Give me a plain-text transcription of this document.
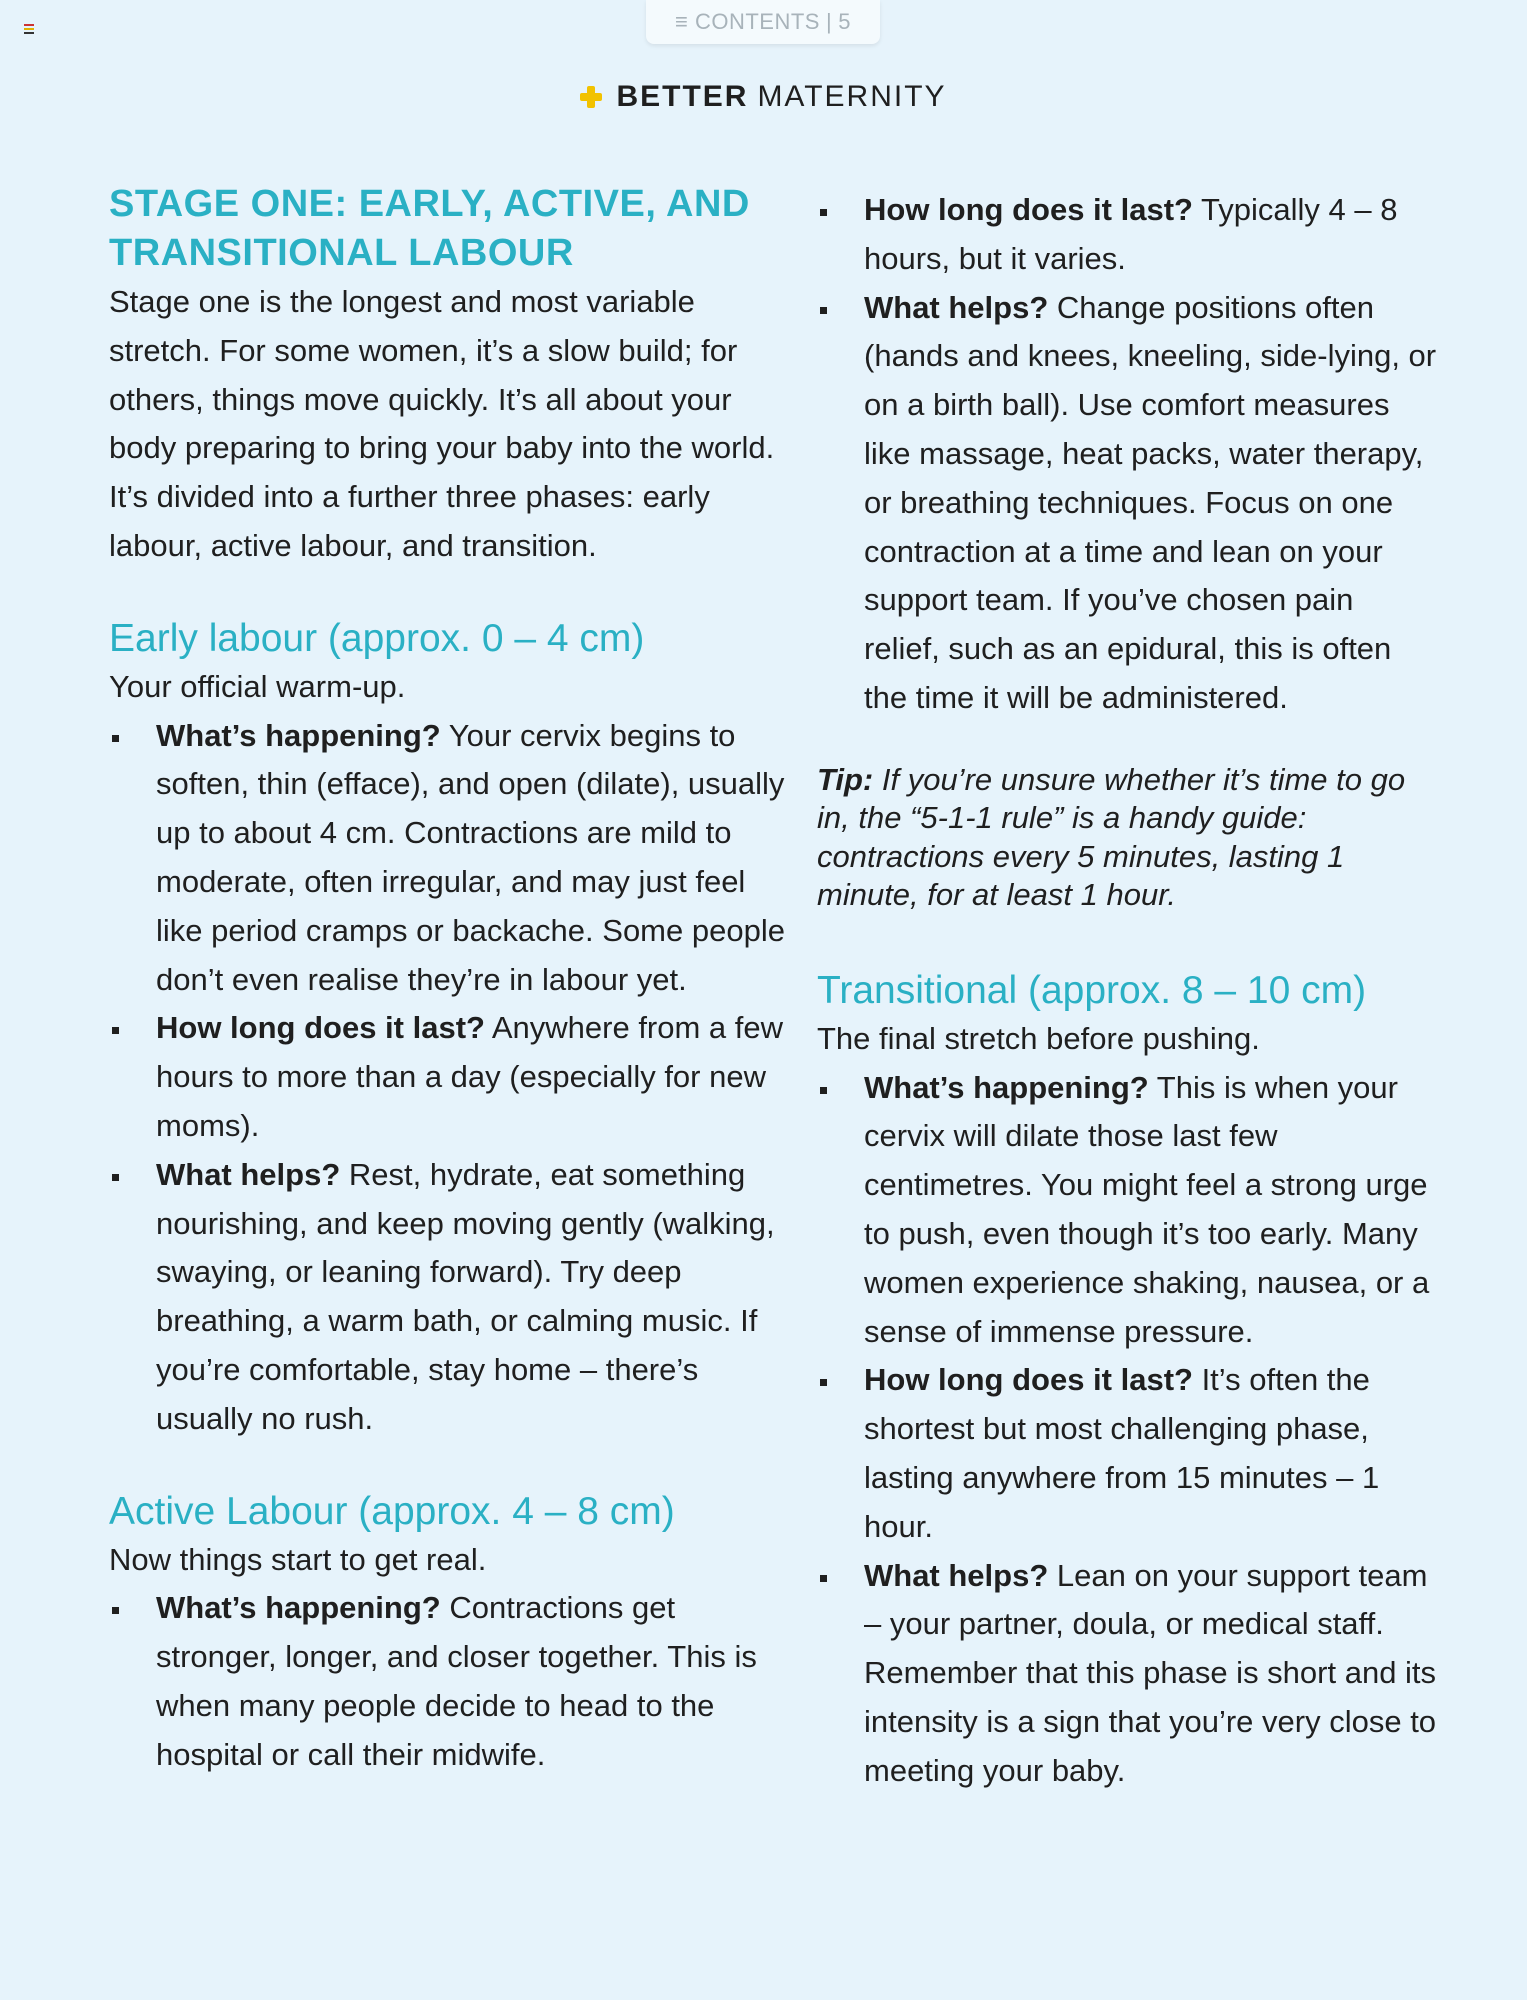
≡ CONTENTS | 5
BETTER MATERNITY
STAGE ONE: EARLY, ACTIVE, AND
TRANSITIONAL LABOUR

Stage one is the longest and most variable stretch. For some women, it’s a slow build; for others, things move quickly. It’s all about your body preparing to bring your baby into the world. It’s divided into a further three phases: early labour, active labour, and transition.

Early labour (approx. 0 – 4 cm)

Your official warm-up.

What’s happening? Your cervix begins to soften, thin (efface), and open (dilate), usually up to about 4 cm. Contractions are mild to moderate, often irregular, and may just feel like period cramps or backache. Some people don’t even realise they’re in labour yet.
How long does it last? Anywhere from a few hours to more than a day (especially for new moms).
What helps? Rest, hydrate, eat something nourishing, and keep moving gently (walking, swaying, or leaning forward). Try deep breathing, a warm bath, or calming music. If you’re comfortable, stay home – there’s usually no rush.
Active Labour (approx. 4 – 8 cm)

Now things start to get real.

What’s happening? Contractions get stronger, longer, and closer together. This is when many people decide to head to the hospital or call their midwife.
How long does it last? Typically 4 – 8 hours, but it varies.
What helps? Change positions often (hands and knees, kneeling, side-lying, or on a birth ball). Use comfort measures like massage, heat packs, water therapy, or breathing techniques. Focus on one contraction at a time and lean on your support team. If you’ve chosen pain relief, such as an epidural, this is often the time it will be administered.

Tip: If you’re unsure whether it’s time to go in, the “5-1-1 rule” is a handy guide: contractions every 5 minutes, lasting 1 minute, for at least 1 hour.

Transitional (approx. 8 – 10 cm)

The final stretch before pushing.

What’s happening? This is when your cervix will dilate those last few centimetres. You might feel a strong urge to push, even though it’s too early. Many women experience shaking, nausea, or a sense of immense pressure.
How long does it last? It’s often the shortest but most challenging phase, lasting anywhere from 15 minutes – 1 hour.
What helps? Lean on your support team – your partner, doula, or medical staff. Remember that this phase is short and its intensity is a sign that you’re very close to meeting your baby.
